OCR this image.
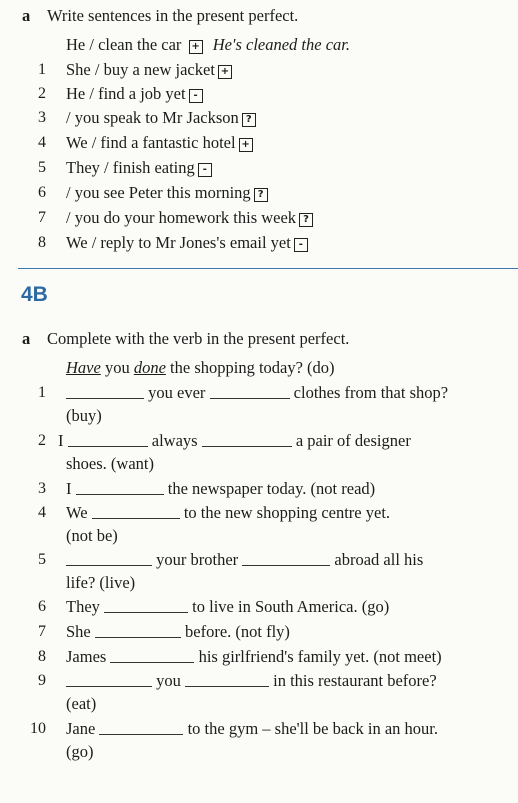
a Write sentences in the present perfect.
He / clean the car + He's cleaned the car.
1 She / buy a new jacket +
2 He / find a job yet -
3 / you speak to Mr Jackson ?
4 We / find a fantastic hotel +
5 They / finish eating -
6 / you see Peter this morning ?
7 / you do your homework this week ?
8 We / reply to Mr Jones's email yet -
4B
a Complete with the verb in the present perfect.
Have you done the shopping today? (do)
1	you ever	clothes from that shop?
(buy)
2 I	always	a pair of designer
shoes. (want)
3 I	the newspaper today. (not read)
4 We	to the new shopping centre yet.
(not be)
5	your brother	abroad all his
life? (live)
6 They	to live in South America. (go)
7 She	before. (not fly)
8 James	his girlfriend's family yet. (not meet)
9	you	in this restaurant before?
(eat)
10 Jane	to the gym – she'll be back in an hour.
(go)
